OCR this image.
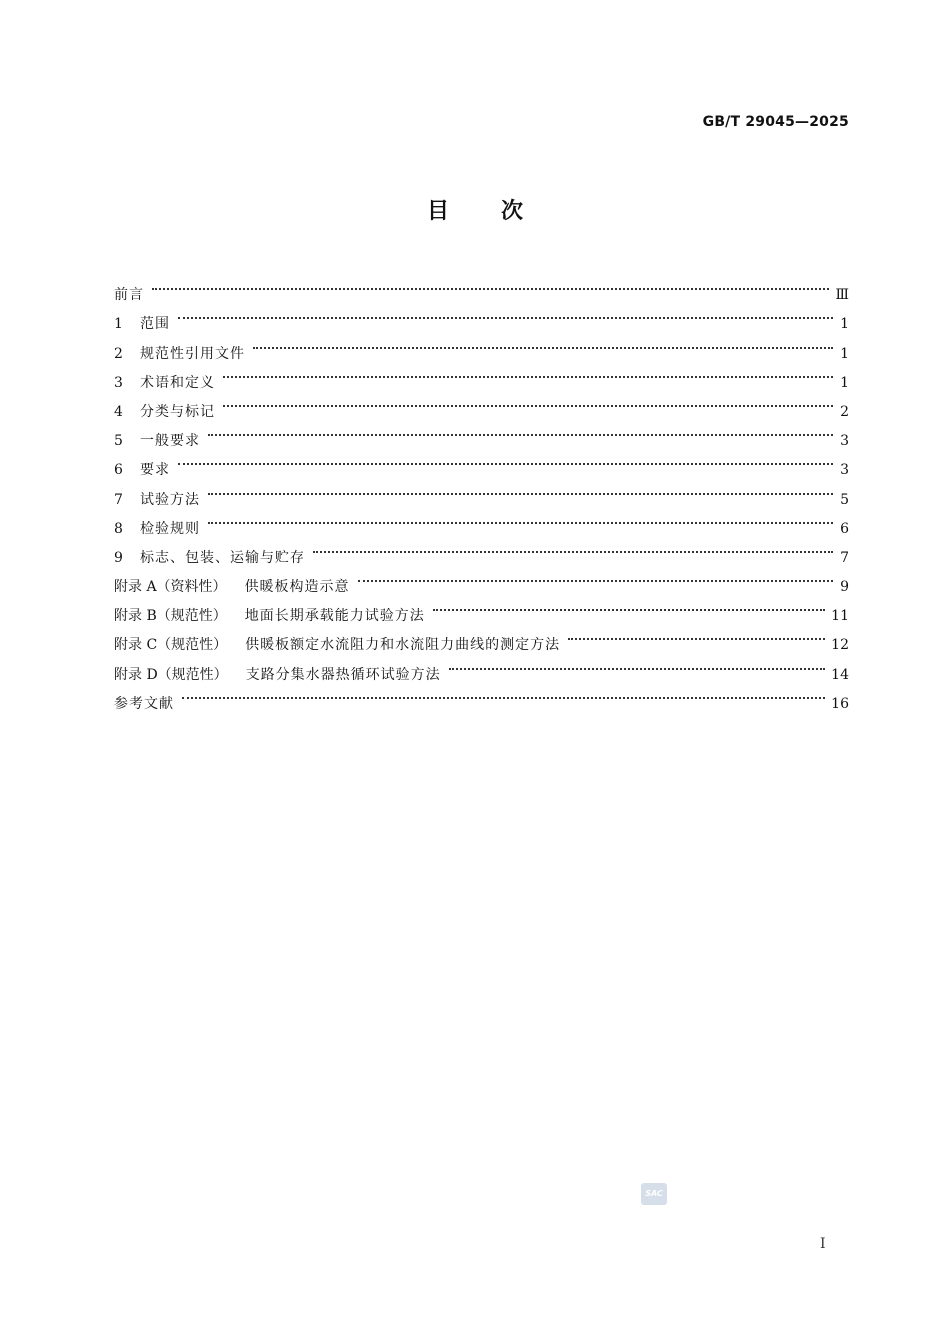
GB/T 29045—2025
目次
前言	Ⅲ
1	范围	1
2	规范性引用文件	1
3	术语和定义	1
4	分类与标记	2
5	一般要求	3
6	要求	3
7	试验方法	5
8	检验规则	6
9	标志、包装、运输与贮存	7
附录 A（资料性） 供暖板构造示意	9
附录 B（规范性） 地面长期承载能力试验方法	11
附录 C（规范性） 供暖板额定水流阻力和水流阻力曲线的测定方法	12
附录 D（规范性） 支路分集水器热循环试验方法	14
参考文献	16
SAC
I
